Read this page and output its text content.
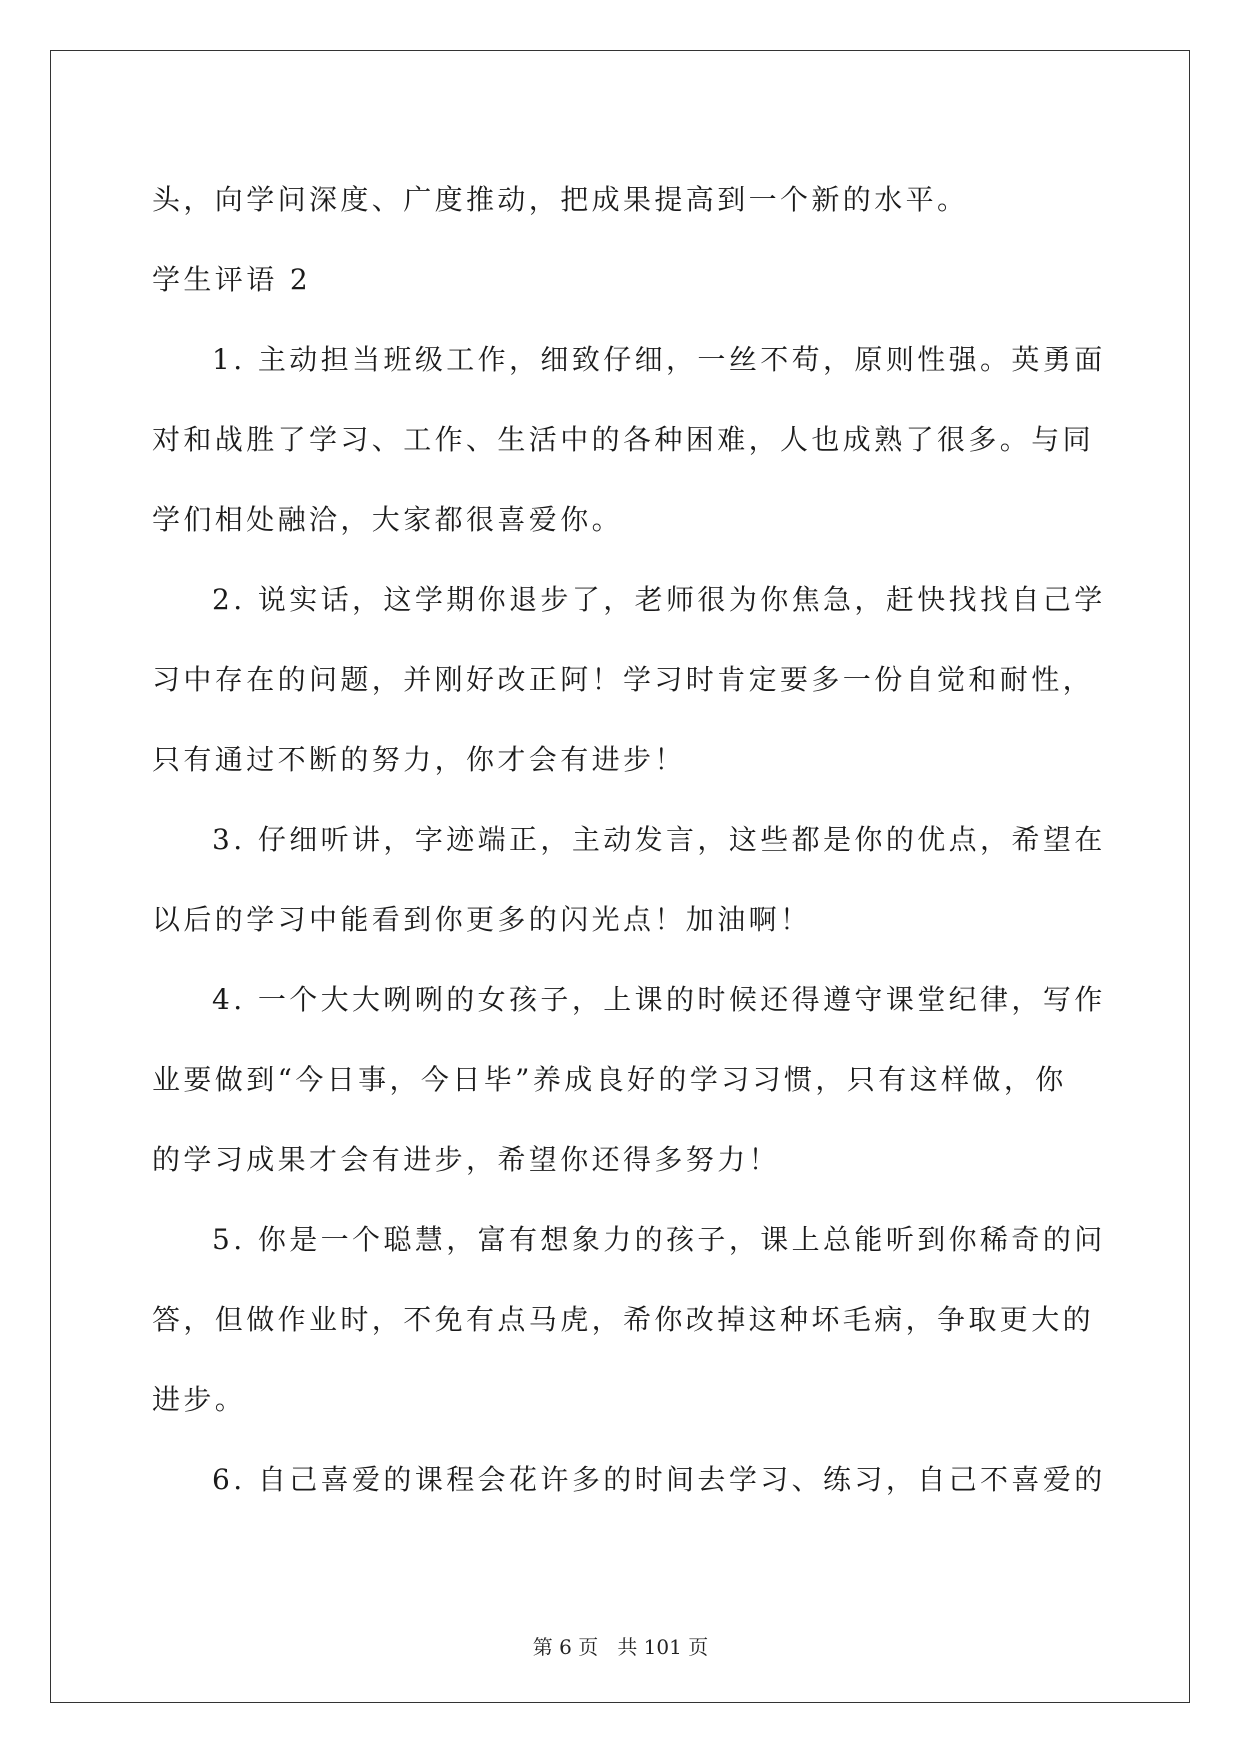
头，向学问深度、广度推动，把成果提高到一个新的水平。

学生评语 2

1. 主动担当班级工作，细致仔细，一丝不苟，原则性强。英勇面

对和战胜了学习、工作、生活中的各种困难，人也成熟了很多。与同

学们相处融洽，大家都很喜爱你。

2. 说实话，这学期你退步了，老师很为你焦急，赶快找找自己学

习中存在的问题，并刚好改正阿！学习时肯定要多一份自觉和耐性，

只有通过不断的努力，你才会有进步！

3. 仔细听讲，字迹端正，主动发言，这些都是你的优点，希望在

以后的学习中能看到你更多的闪光点！加油啊！

4. 一个大大咧咧的女孩子，上课的时候还得遵守课堂纪律，写作

业要做到“今日事，今日毕”养成良好的学习习惯，只有这样做，你

的学习成果才会有进步，希望你还得多努力！

5. 你是一个聪慧，富有想象力的孩子，课上总能听到你稀奇的问

答，但做作业时，不免有点马虎，希你改掉这种坏毛病，争取更大的

进步。

6. 自己喜爱的课程会花许多的时间去学习、练习，自己不喜爱的

第 6 页 共 101 页
